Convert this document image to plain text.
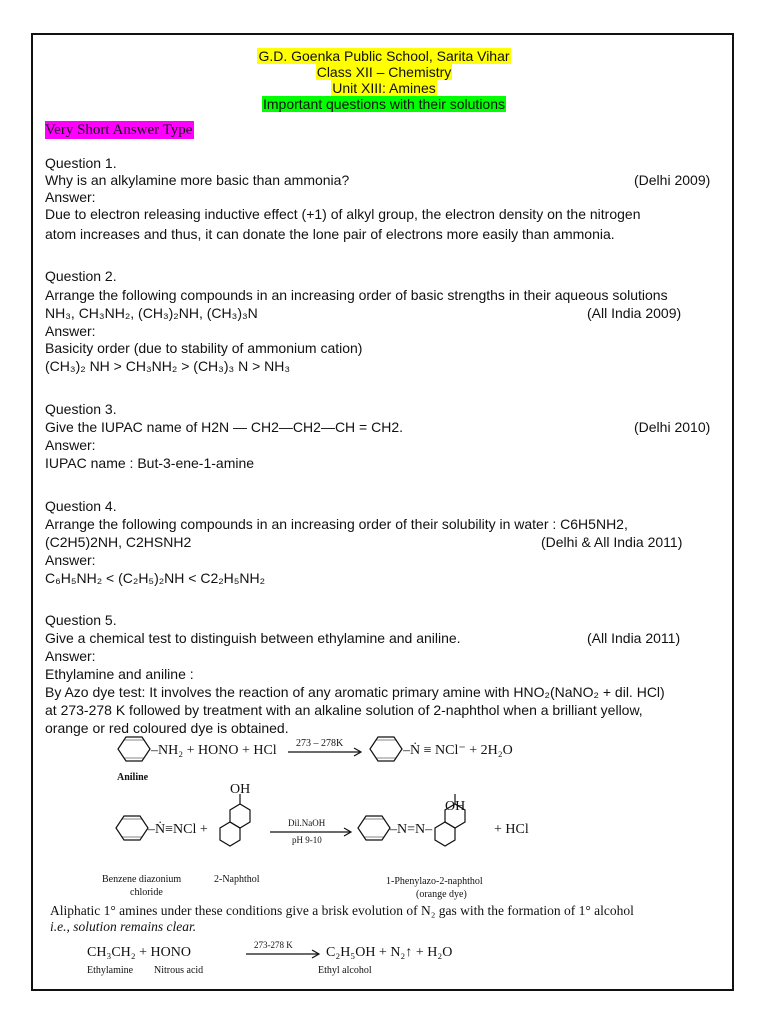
G.D. Goenka Public School, Sarita Vihar
Class XII – Chemistry
Unit XIII: Amines
Important questions with their solutions
Very Short Answer Type
Question 1.
Why is an alkylamine more basic than ammonia?	(Delhi 2009)
Answer:
Due to electron releasing inductive effect (+1) of alkyl group, the electron density on the nitrogen
atom increases and thus, it can donate the lone pair of electrons more easily than ammonia.
Question 2.
Arrange the following compounds in an increasing order of basic strengths in their aqueous solutions
NH₃, CH₃NH₂, (CH₃)₂NH, (CH₃)₃N	(All India 2009)
Answer:
Basicity order (due to stability of ammonium cation)
(CH₃)₂ NH > CH₃NH₂ > (CH₃)₃ N > NH₃
Question 3.
Give the IUPAC name of H2N — CH2—CH2—CH = CH2.	(Delhi 2010)
Answer:
IUPAC name : But-3-ene-1-amine
Question 4.
Arrange the following compounds in an increasing order of their solubility in water : C6H5NH2,
(C2H5)2NH, C2HSNH2	(Delhi & All India 2011)
Answer:
C₆H₅NH₂ < (C₂H₅)₂NH < C2₂H₅NH₂
Question 5.
Give a chemical test to distinguish between ethylamine and aniline.	(All India 2011)
Answer:
Ethylamine and aniline :
By Azo dye test: It involves the reaction of any aromatic primary amine with HNO₂(NaNO₂ + dil. HCl)
at 273-278 K followed by treatment with an alkaline solution of 2-naphthol when a brilliant yellow,
orange or red coloured dye is obtained.
–NH₂ + HONO + HCl 273 – 278K	–Ṅ ≡ NCl⁻ + 2H₂O
Aniline
–Ṅ≡NCl +
OH
Dil.NaOH
pH 9-10
–N=N–
OH
+ HCl
Benzene diazonium
chloride
2-Naphthol	1-Phenylazo-2-naphthol
(orange dye)
Aliphatic 1° amines under these conditions give a brisk evolution of N₂ gas with the formation of 1° alcohol
i.e., solution remains clear.
CH₃CH₂ + HONO	273-278 K C₂H₅OH + N₂↑ + H₂O
Ethylamine Nitrous acid	Ethyl alcohol
